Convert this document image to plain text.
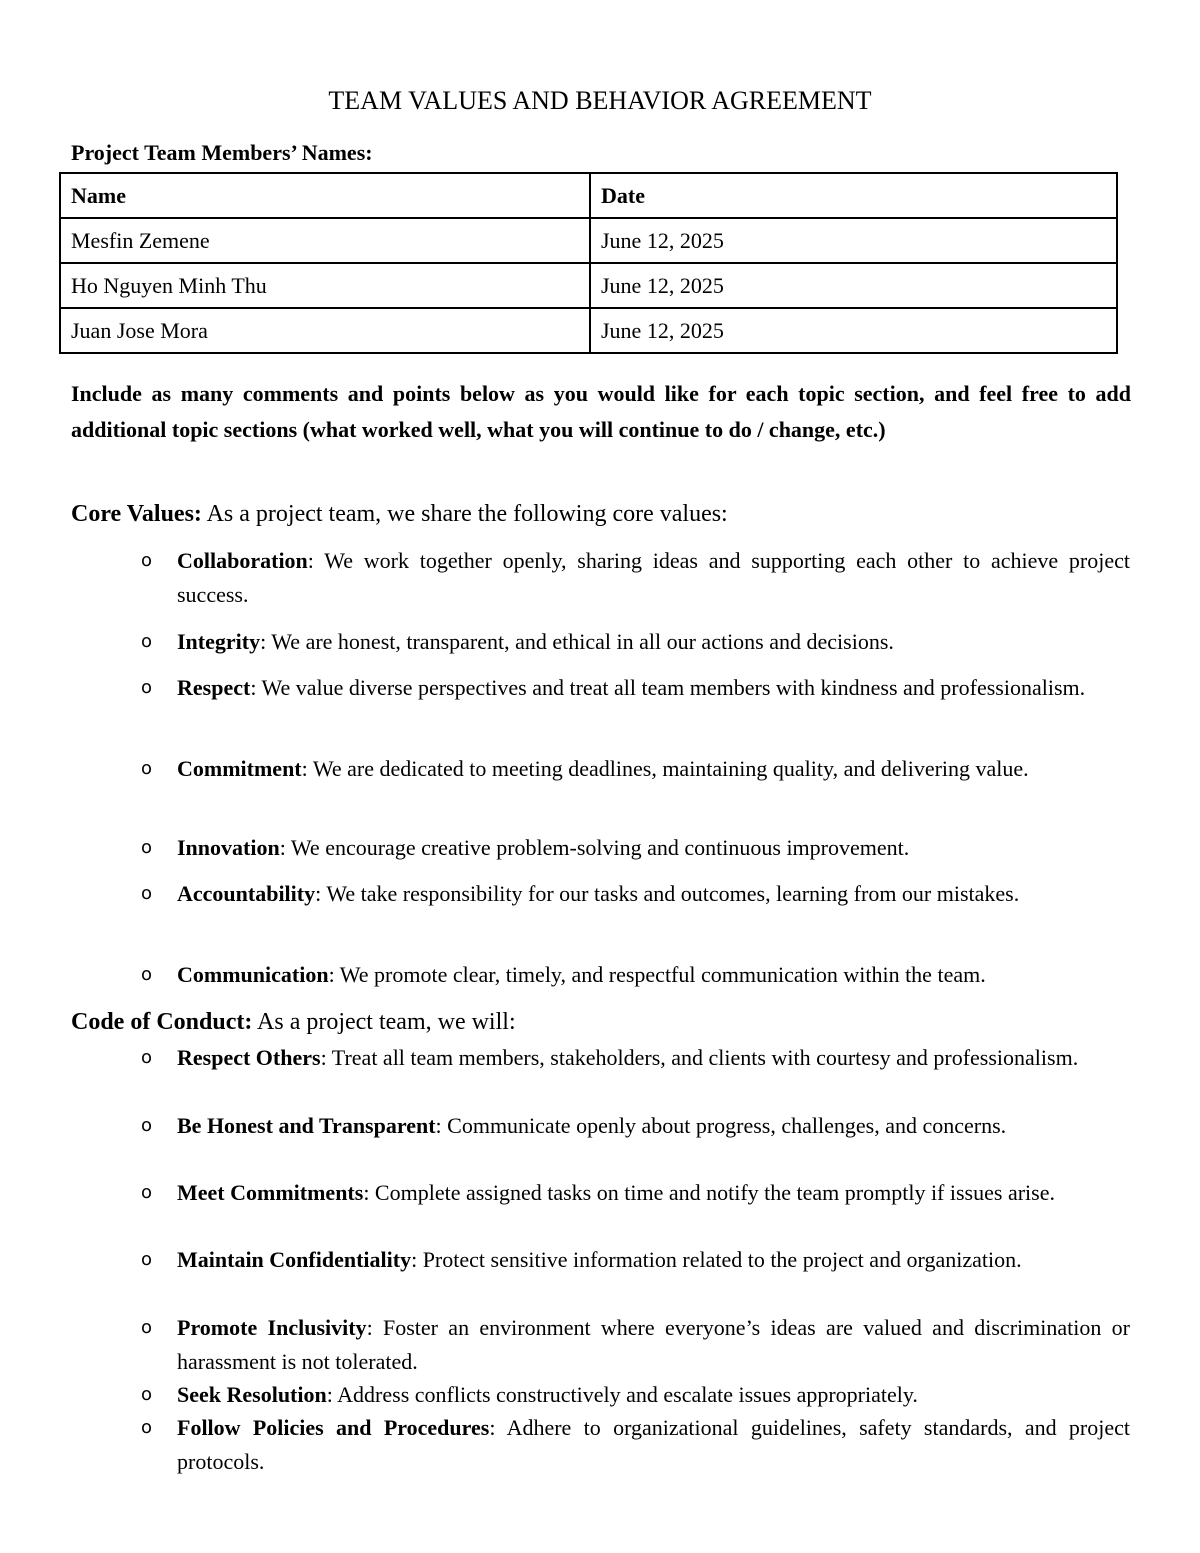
TEAM VALUES AND BEHAVIOR AGREEMENT

Project Team Members’ Names:

Name	Date
Mesfin Zemene	June 12, 2025
Ho Nguyen Minh Thu	June 12, 2025
Juan Jose Mora	June 12, 2025

Include as many comments and points below as you would like for each topic section, and feel free to add additional topic sections (what worked well, what you will continue to do / change, etc.)

Core Values: As a project team, we share the following core values:

o Collaboration: We work together openly, sharing ideas and supporting each other to achieve project success.
o Integrity: We are honest, transparent, and ethical in all our actions and decisions.
o Respect: We value diverse perspectives and treat all team members with kindness and professionalism.
o Commitment: We are dedicated to meeting deadlines, maintaining quality, and delivering value.
o Innovation: We encourage creative problem-solving and continuous improvement.
o Accountability: We take responsibility for our tasks and outcomes, learning from our mistakes.
o Communication: We promote clear, timely, and respectful communication within the team.

Code of Conduct: As a project team, we will:

o Respect Others: Treat all team members, stakeholders, and clients with courtesy and professionalism.
o Be Honest and Transparent: Communicate openly about progress, challenges, and concerns.
o Meet Commitments: Complete assigned tasks on time and notify the team promptly if issues arise.
o Maintain Confidentiality: Protect sensitive information related to the project and organization.
o Promote Inclusivity: Foster an environment where everyone’s ideas are valued and discrimination or harassment is not tolerated.
o Seek Resolution: Address conflicts constructively and escalate issues appropriately.
o Follow Policies and Procedures: Adhere to organizational guidelines, safety standards, and project protocols.
